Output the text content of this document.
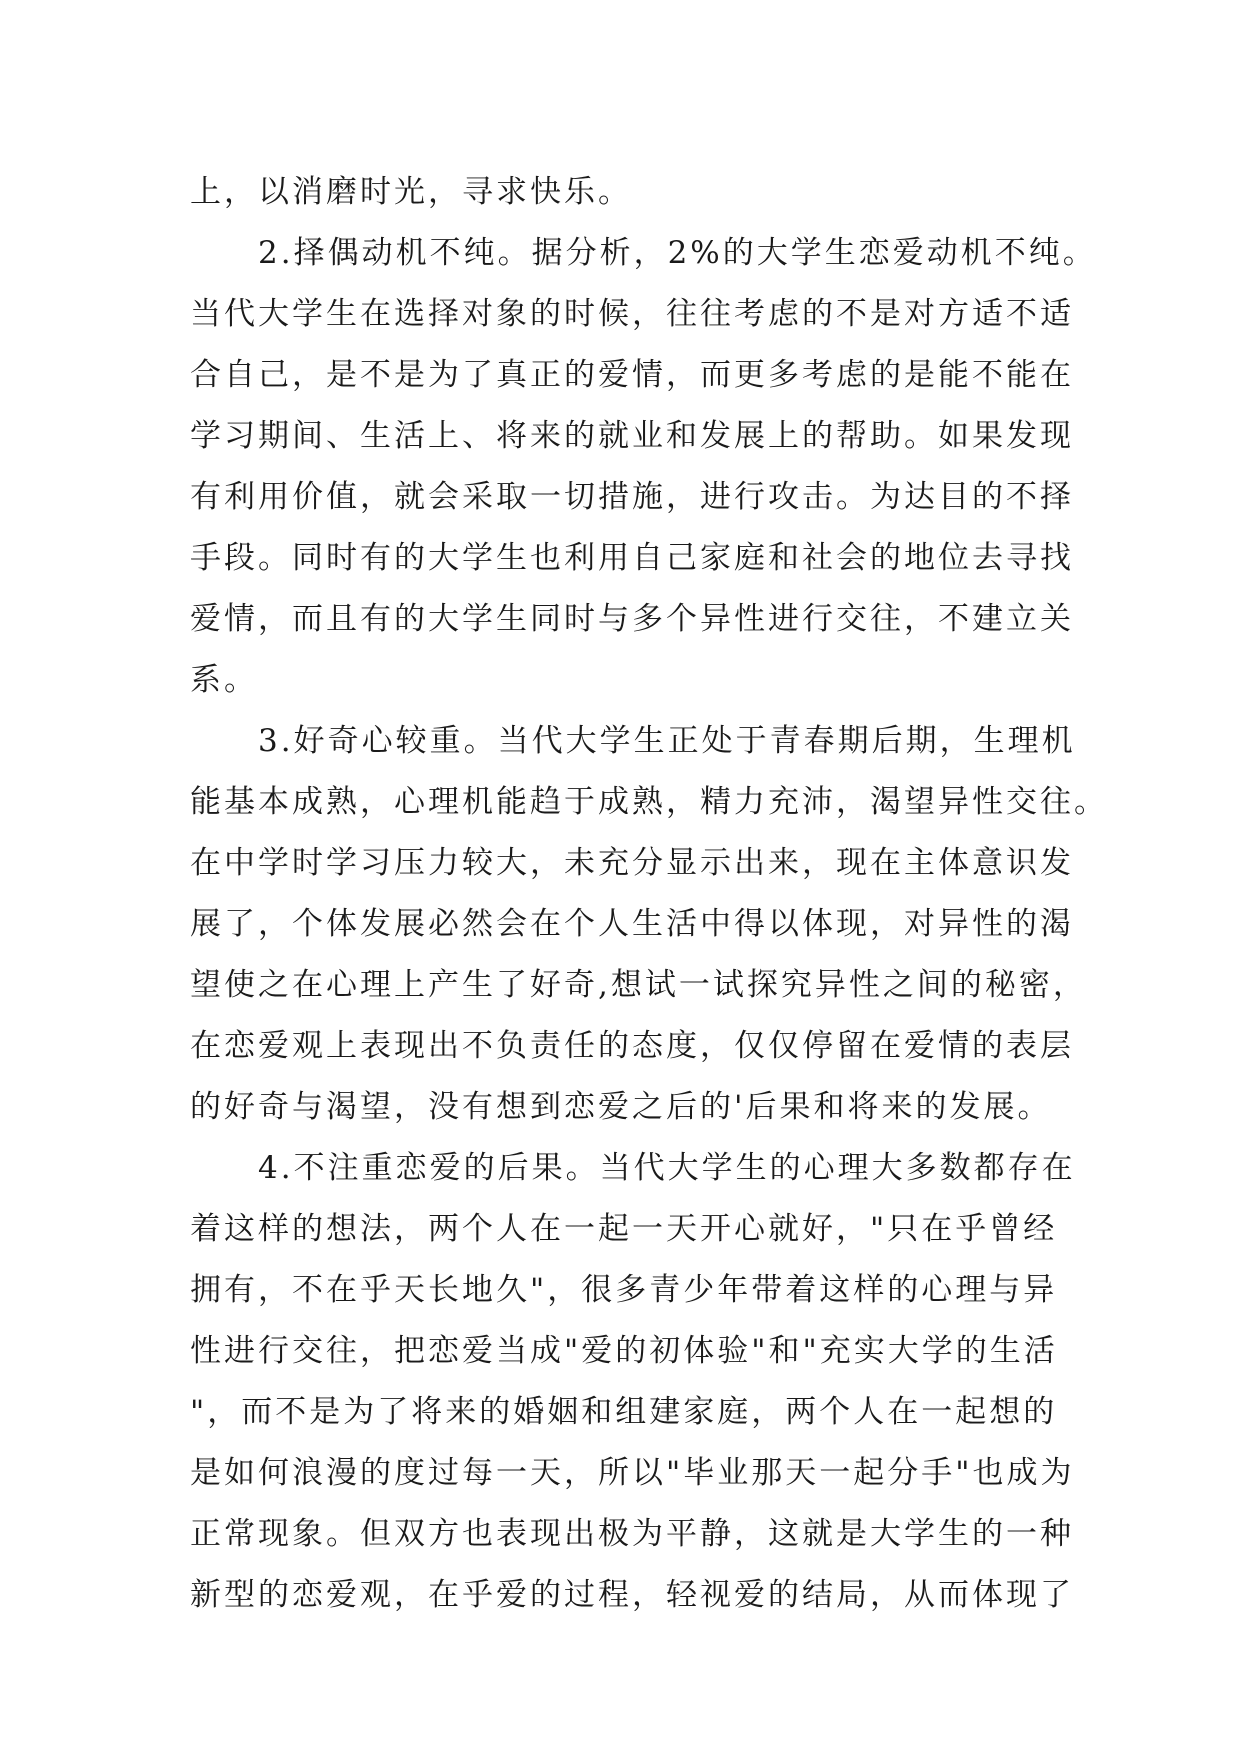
上，以消磨时光，寻求快乐。
　　2.择偶动机不纯。据分析，2%的大学生恋爱动机不纯。
当代大学生在选择对象的时候，往往考虑的不是对方适不适
合自己，是不是为了真正的爱情，而更多考虑的是能不能在
学习期间、生活上、将来的就业和发展上的帮助。如果发现
有利用价值，就会采取一切措施，进行攻击。为达目的不择
手段。同时有的大学生也利用自己家庭和社会的地位去寻找
爱情，而且有的大学生同时与多个异性进行交往，不建立关
系。
　　3.好奇心较重。当代大学生正处于青春期后期，生理机
能基本成熟，心理机能趋于成熟，精力充沛，渴望异性交往。
在中学时学习压力较大，未充分显示出来，现在主体意识发
展了，个体发展必然会在个人生活中得以体现，对异性的渴
望使之在心理上产生了好奇,想试一试探究异性之间的秘密，
在恋爱观上表现出不负责任的态度，仅仅停留在爱情的表层
的好奇与渴望，没有想到恋爱之后的'后果和将来的发展。
　　4.不注重恋爱的后果。当代大学生的心理大多数都存在
着这样的想法，两个人在一起一天开心就好，"只在乎曾经
拥有，不在乎天长地久"，很多青少年带着这样的心理与异
性进行交往，把恋爱当成"爱的初体验"和"充实大学的生活
"，而不是为了将来的婚姻和组建家庭，两个人在一起想的
是如何浪漫的度过每一天，所以"毕业那天一起分手"也成为
正常现象。但双方也表现出极为平静，这就是大学生的一种
新型的恋爱观，在乎爱的过程，轻视爱的结局，从而体现了
